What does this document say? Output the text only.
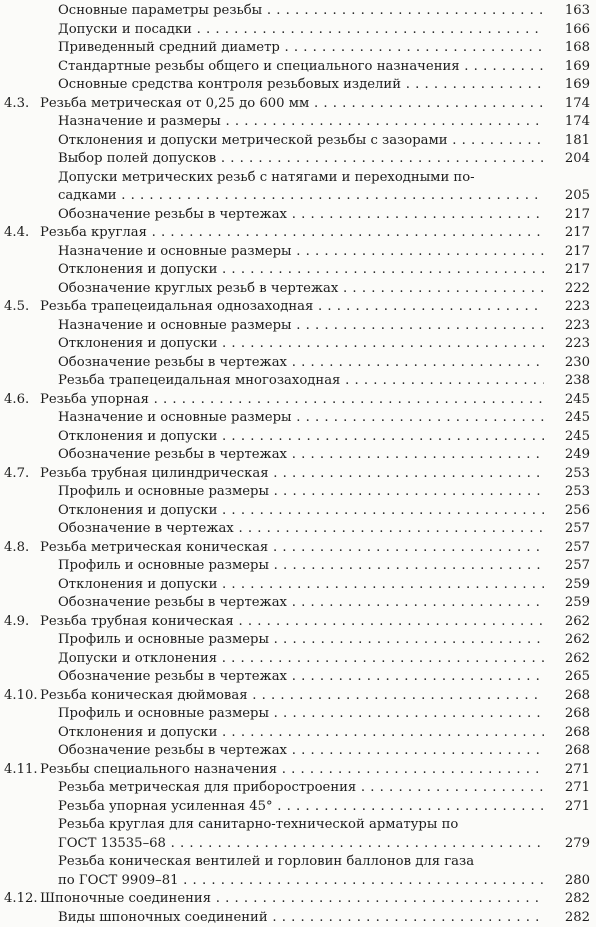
Основные параметры резьбы . . .	163
Допуски и посадки . . .	166
Приведенный средний диаметр . . .	168
Стандартные резьбы общего и специального назначения . . .	169
Основные средства контроля резьбовых изделий . . .	169
4.3. Резьба метрическая от 0,25 до 600 мм . . .	174
Назначение и размеры . . .	174
Отклонения и допуски метрической резьбы с зазорами . . .	181
Выбор полей допусков . . .	204
Допуски метрических резьб с натягами и переходными по-
садками . . .	205
Обозначение резьбы в чертежах . . .	217
4.4. Резьба круглая . . .	217
Назначение и основные размеры . . .	217
Отклонения и допуски . . .	217
Обозначение круглых резьб в чертежах . . .	222
4.5. Резьба трапецеидальная однозаходная . . .	223
Назначение и основные размеры . . .	223
Отклонения и допуски . . .	223
Обозначение резьбы в чертежах . . .	230
Резьба трапецеидальная многозаходная . . .	238
4.6. Резьба упорная . . .	245
Назначение и основные размеры . . .	245
Отклонения и допуски . . .	245
Обозначение резьбы в чертежах . . .	249
4.7. Резьба трубная цилиндрическая . . .	253
Профиль и основные размеры . . .	253
Отклонения и допуски . . .	256
Обозначение в чертежах . . .	257
4.8. Резьба метрическая коническая . . .	257
Профиль и основные размеры . . .	257
Отклонения и допуски . . .	259
Обозначение резьбы в чертежах . . .	259
4.9. Резьба трубная коническая . . .	262
Профиль и основные размеры . . .	262
Допуски и отклонения . . .	262
Обозначение резьбы в чертежах . . .	265
4.10. Резьба коническая дюймовая . . .	268
Профиль и основные размеры . . .	268
Отклонения и допуски . . .	268
Обозначение резьбы в чертежах . . .	268
4.11. Резьбы специального назначения . . .	271
Резьба метрическая для приборостроения . . .	271
Резьба упорная усиленная 45° . . .	271
Резьба круглая для санитарно-технической арматуры по
ГОСТ 13535–68 . . .	279
Резьба коническая вентилей и горловин баллонов для газа
по ГОСТ 9909–81 . . .	280
4.12. Шпоночные соединения . . .	282
Виды шпоночных соединений . . .	282
